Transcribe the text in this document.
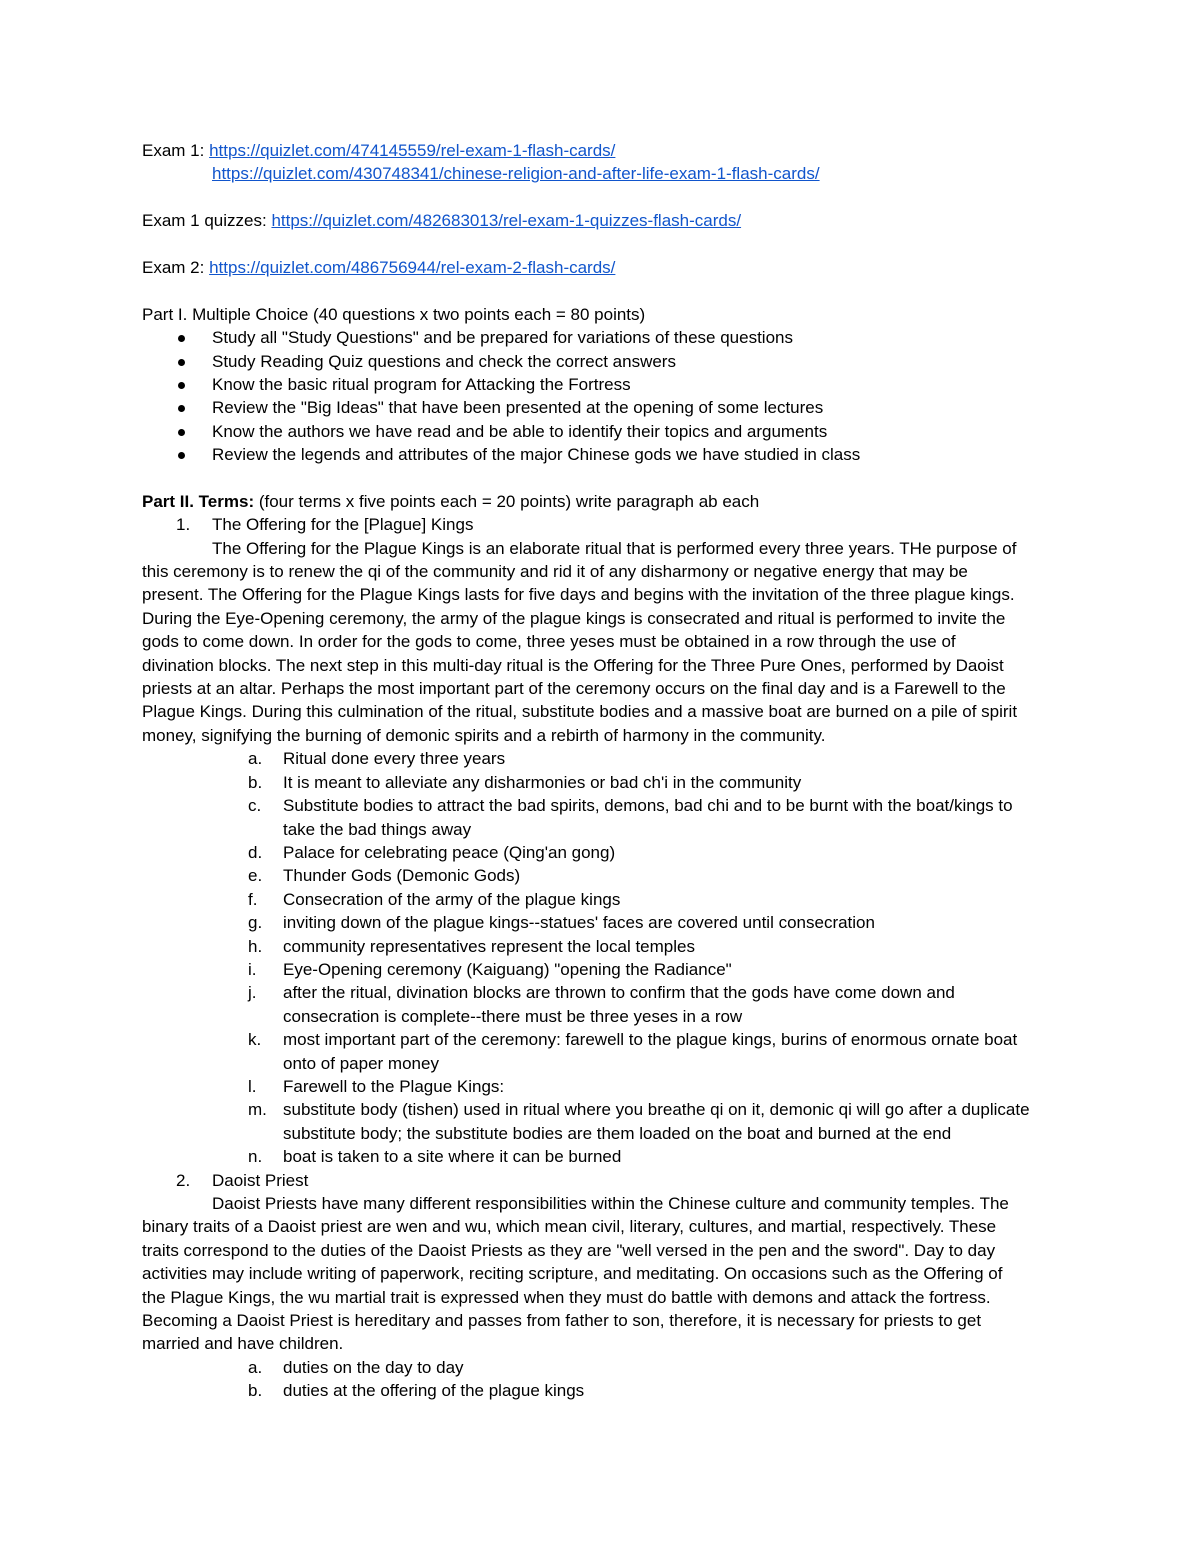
Exam 1: https://quizlet.com/474145559/rel-exam-1-flash-cards/
https://quizlet.com/430748341/chinese-religion-and-after-life-exam-1-flash-cards/
Exam 1 quizzes: https://quizlet.com/482683013/rel-exam-1-quizzes-flash-cards/
Exam 2: https://quizlet.com/486756944/rel-exam-2-flash-cards/
Part I. Multiple Choice (40 questions x two points each = 80 points)
Study all "Study Questions" and be prepared for variations of these questions
Study Reading Quiz questions and check the correct answers
Know the basic ritual program for Attacking the Fortress
Review the "Big Ideas" that have been presented at the opening of some lectures
Know the authors we have read and be able to identify their topics and arguments
Review the legends and attributes of the major Chinese gods we have studied in class
Part II. Terms: (four terms x five points each = 20 points) write paragraph ab each
1. The Offering for the [Plague] Kings
The Offering for the Plague Kings is an elaborate ritual that is performed every three years. THe purpose of
this ceremony is to renew the qi of the community and rid it of any disharmony or negative energy that may be
present. The Offering for the Plague Kings lasts for five days and begins with the invitation of the three plague kings.
During the Eye-Opening ceremony, the army of the plague kings is consecrated and ritual is performed to invite the
gods to come down. In order for the gods to come, three yeses must be obtained in a row through the use of
divination blocks. The next step in this multi-day ritual is the Offering for the Three Pure Ones, performed by Daoist
priests at an altar. Perhaps the most important part of the ceremony occurs on the final day and is a Farewell to the
Plague Kings. During this culmination of the ritual, substitute bodies and a massive boat are burned on a pile of spirit
money, signifying the burning of demonic spirits and a rebirth of harmony in the community.
a. Ritual done every three years
b. It is meant to alleviate any disharmonies or bad ch'i in the community
c. Substitute bodies to attract the bad spirits, demons, bad chi and to be burnt with the boat/kings to
take the bad things away
d. Palace for celebrating peace (Qing'an gong)
e. Thunder Gods (Demonic Gods)
f. Consecration of the army of the plague kings
g. inviting down of the plague kings--statues' faces are covered until consecration
h. community representatives represent the local temples
i. Eye-Opening ceremony (Kaiguang) "opening the Radiance"
j. after the ritual, divination blocks are thrown to confirm that the gods have come down and
consecration is complete--there must be three yeses in a row
k. most important part of the ceremony: farewell to the plague kings, burins of enormous ornate boat
onto of paper money
l. Farewell to the Plague Kings:
m. substitute body (tishen) used in ritual where you breathe qi on it, demonic qi will go after a duplicate
substitute body; the substitute bodies are them loaded on the boat and burned at the end
n. boat is taken to a site where it can be burned
2. Daoist Priest
Daoist Priests have many different responsibilities within the Chinese culture and community temples. The
binary traits of a Daoist priest are wen and wu, which mean civil, literary, cultures, and martial, respectively. These
traits correspond to the duties of the Daoist Priests as they are "well versed in the pen and the sword". Day to day
activities may include writing of paperwork, reciting scripture, and meditating. On occasions such as the Offering of
the Plague Kings, the wu martial trait is expressed when they must do battle with demons and attack the fortress.
Becoming a Daoist Priest is hereditary and passes from father to son, therefore, it is necessary for priests to get
married and have children.
a. duties on the day to day
b. duties at the offering of the plague kings
